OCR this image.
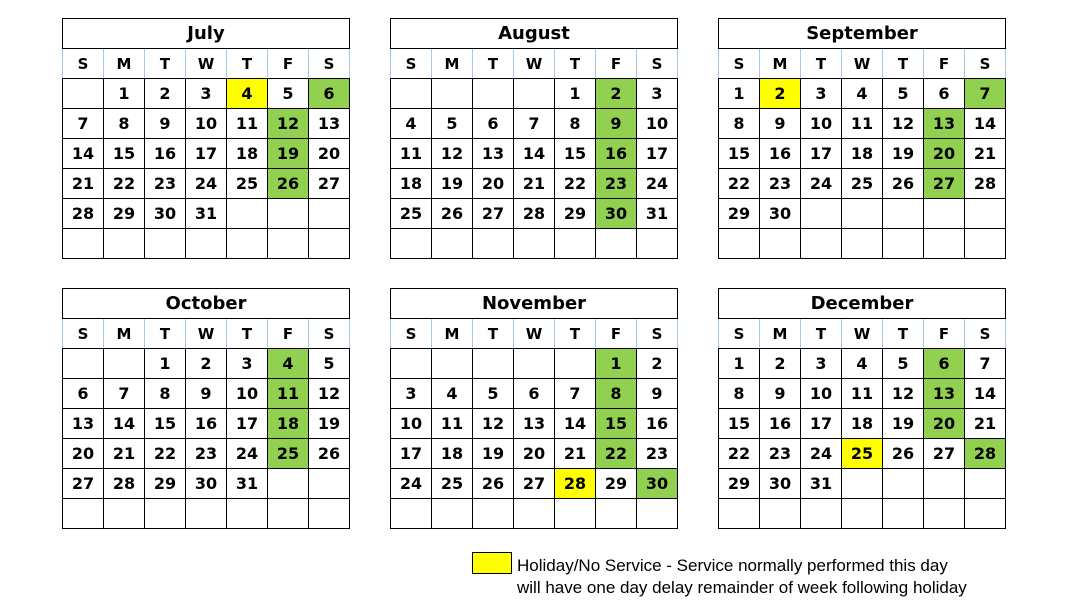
July						
S	M	T	W	T	F	S
	1	2	3	4	5	6
7	8	9	10	11	12	13
14	15	16	17	18	19	20
21	22	23	24	25	26	27
28	29	30	31			

August						
S	M	T	W	T	F	S
				1	2	3
4	5	6	7	8	9	10
11	12	13	14	15	16	17
18	19	20	21	22	23	24
25	26	27	28	29	30	31

September						
S	M	T	W	T	F	S
1	2	3	4	5	6	7
8	9	10	11	12	13	14
15	16	17	18	19	20	21
22	23	24	25	26	27	28
29	30					

October						
S	M	T	W	T	F	S
		1	2	3	4	5
6	7	8	9	10	11	12
13	14	15	16	17	18	19
20	21	22	23	24	25	26
27	28	29	30	31		

November						
S	M	T	W	T	F	S
					1	2
3	4	5	6	7	8	9
10	11	12	13	14	15	16
17	18	19	20	21	22	23
24	25	26	27	28	29	30

December						
S	M	T	W	T	F	S
1	2	3	4	5	6	7
8	9	10	11	12	13	14
15	16	17	18	19	20	21
22	23	24	25	26	27	28
29	30	31				

Holiday/No Service - Service normally performed this day
will have one day delay remainder of week following holiday
